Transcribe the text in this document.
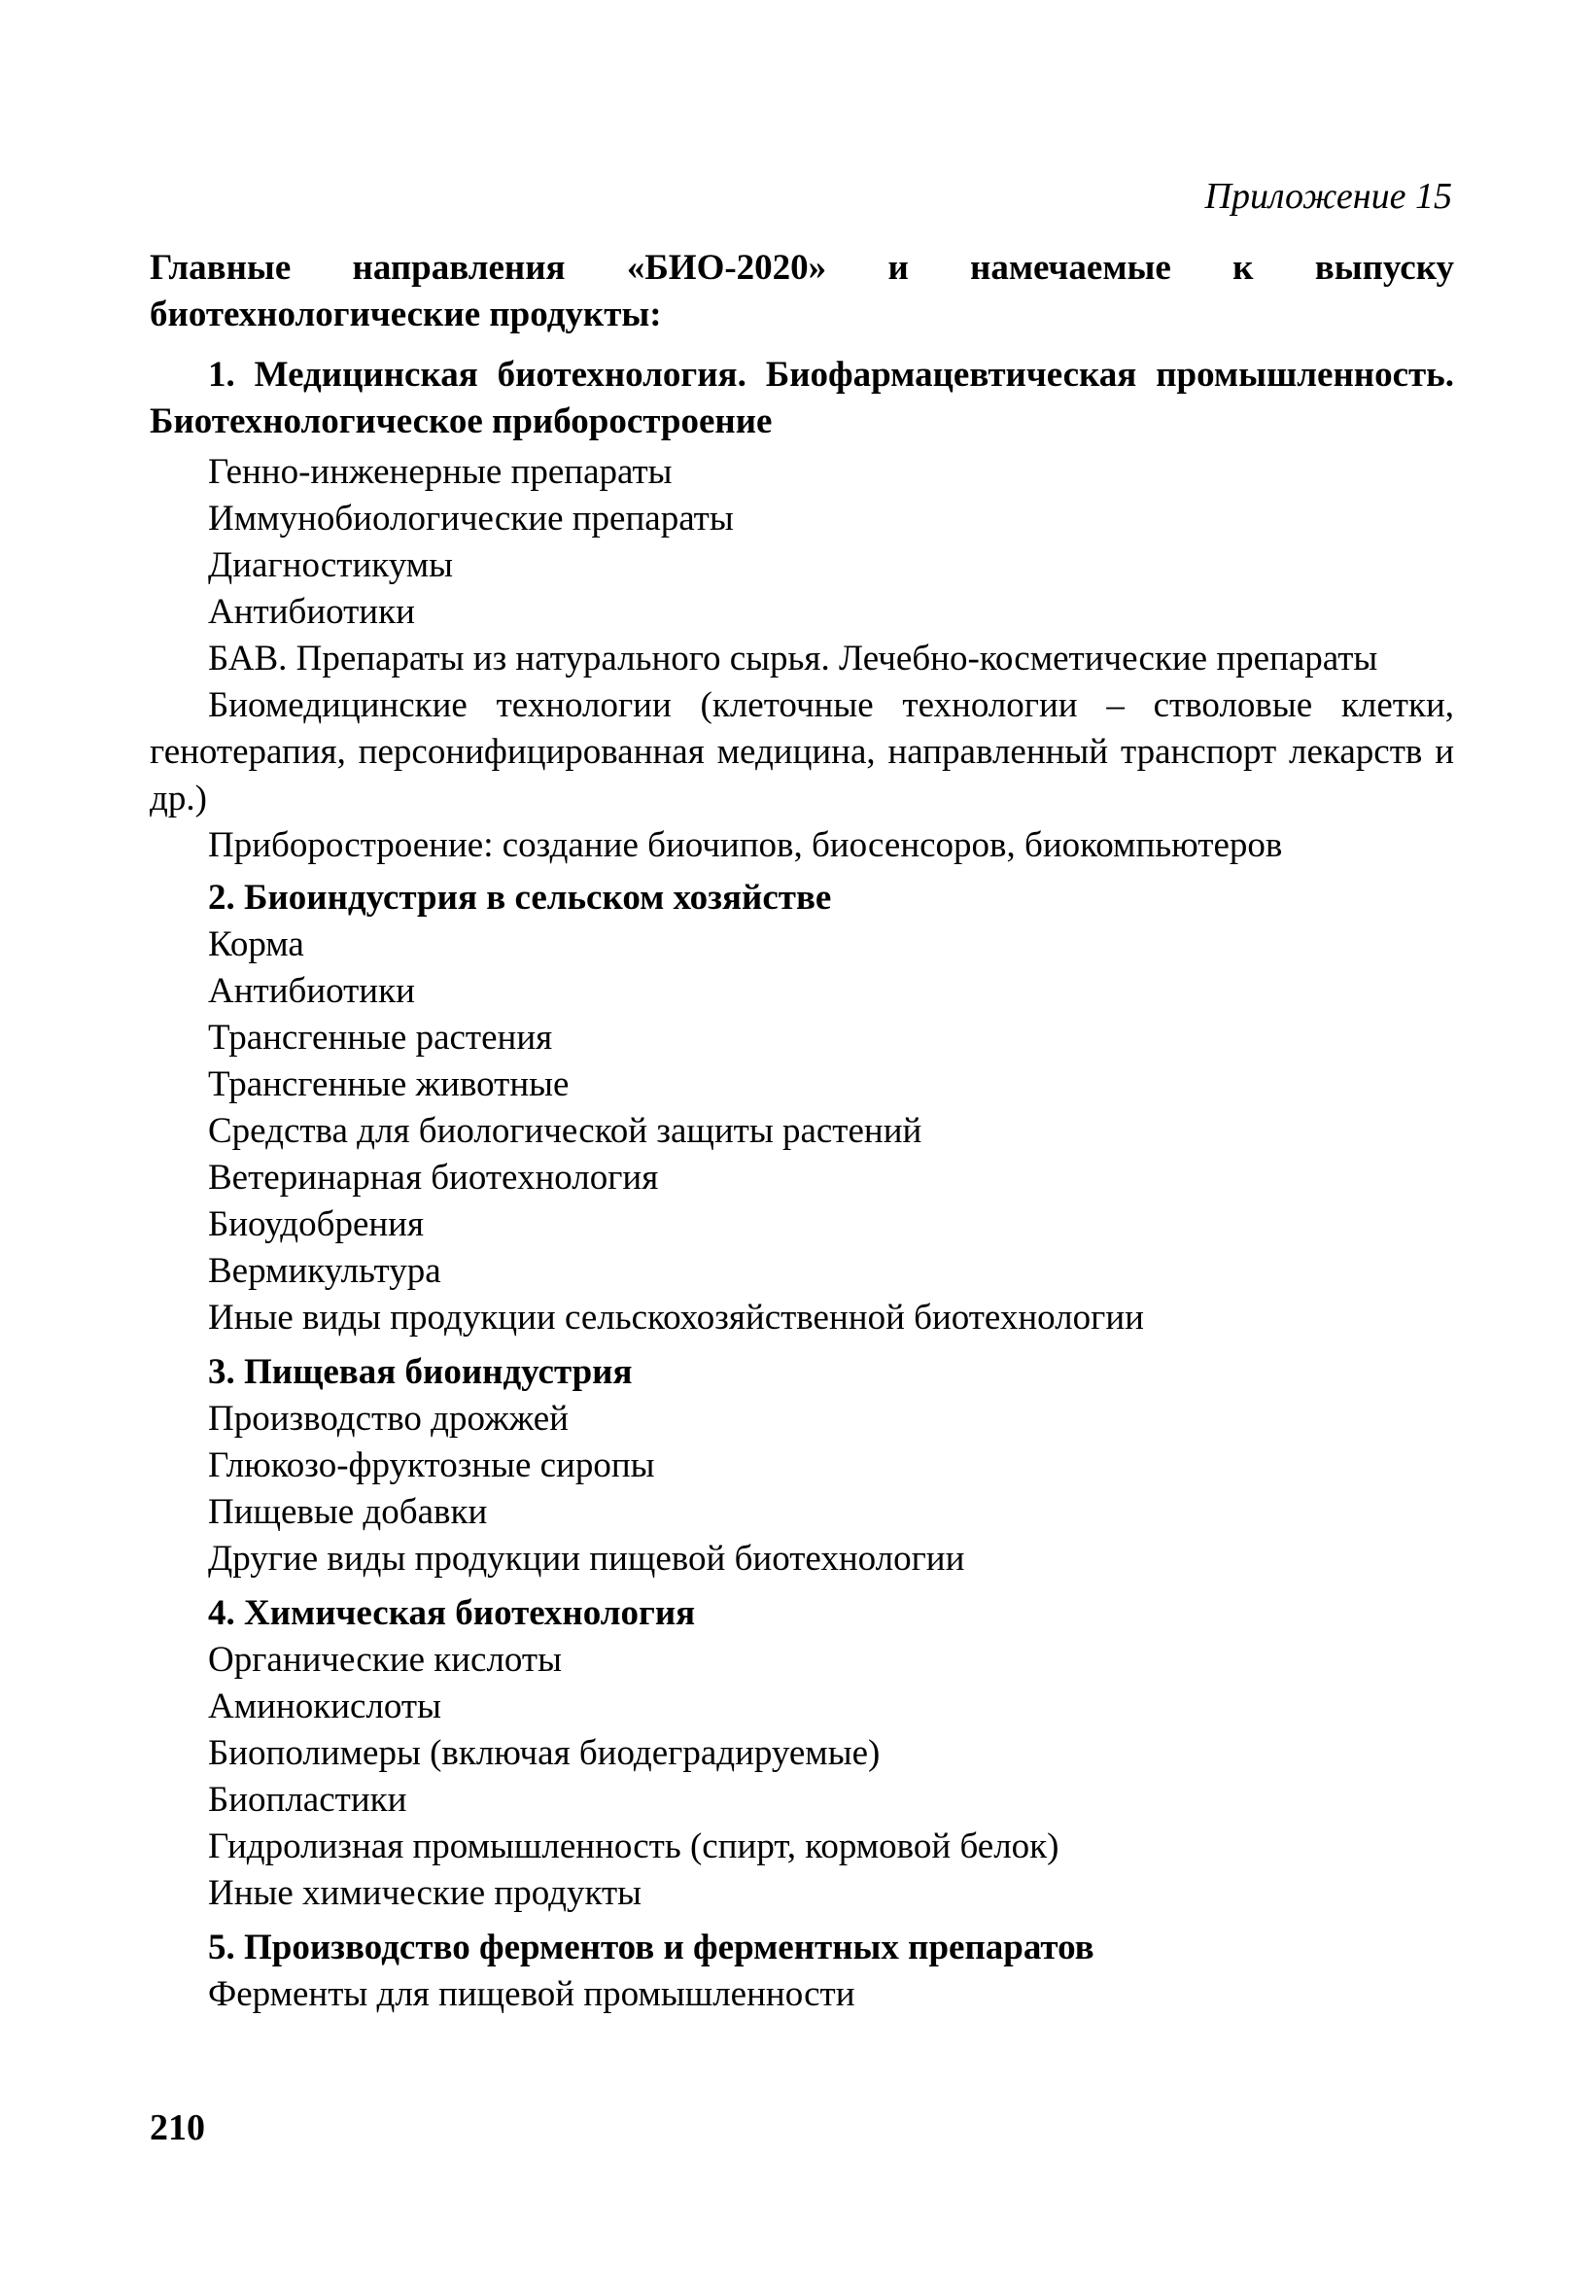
Приложение 15

Главные направления «БИО-2020» и намечаемые к выпуску биотехнологические продукты:

1. Медицинская биотехнология. Биофармацевтическая промышленность. Биотехнологическое приборостроение

Генно-инженерные препараты
Иммунобиологические препараты
Диагностикумы
Антибиотики
БАВ. Препараты из натурального сырья. Лечебно-косметические препараты
Биомедицинские технологии (клеточные технологии – стволовые клетки, генотерапия, персонифицированная медицина, направленный транспорт лекарств и др.)
Приборостроение: создание биочипов, биосенсоров, биокомпьютеров

2. Биоиндустрия в сельском хозяйстве

Корма
Антибиотики
Трансгенные растения
Трансгенные животные
Средства для биологической защиты растений
Ветеринарная биотехнология
Биоудобрения
Вермикультура
Иные виды продукции сельскохозяйственной биотехнологии

3. Пищевая биоиндустрия

Производство дрожжей
Глюкозо-фруктозные сиропы
Пищевые добавки
Другие виды продукции пищевой биотехнологии

4. Химическая биотехнология

Органические кислоты
Аминокислоты
Биополимеры (включая биодеградируемые)
Биопластики
Гидролизная промышленность (спирт, кормовой белок)
Иные химические продукты

5. Производство ферментов и ферментных препаратов

Ферменты для пищевой промышленности
210
